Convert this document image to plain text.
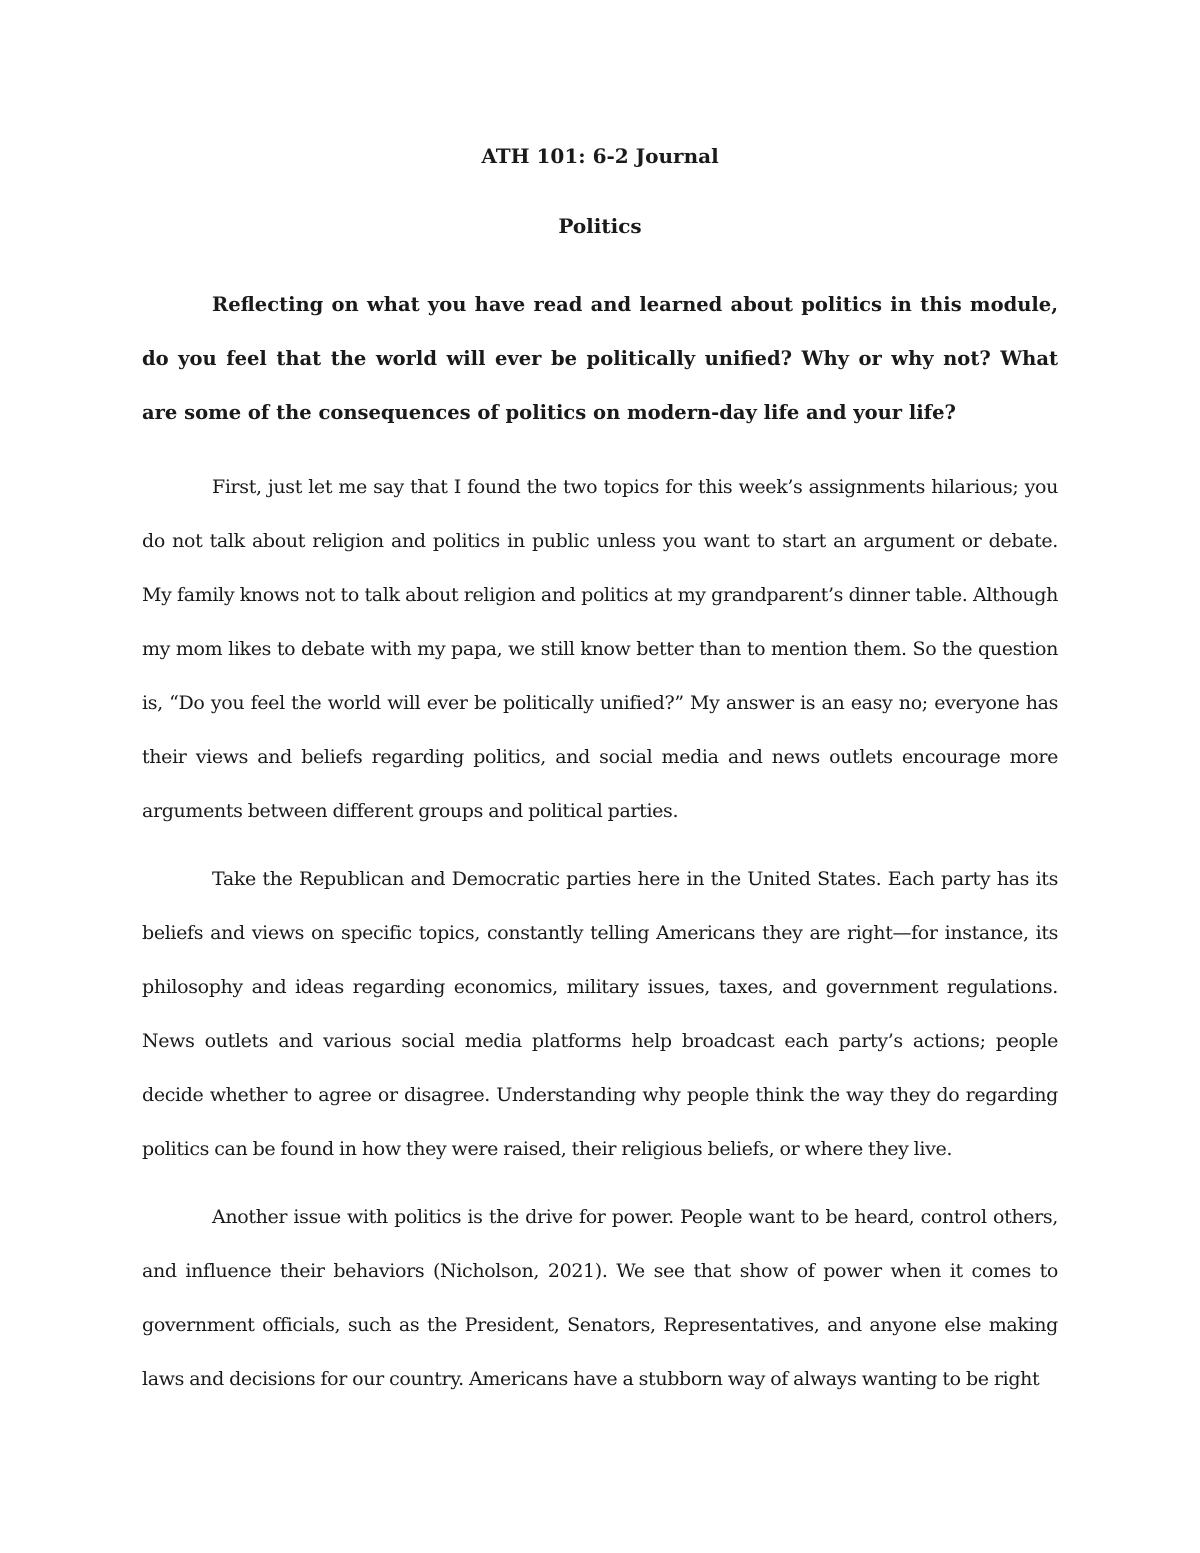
ATH 101: 6-2 Journal

Politics

Reflecting on what you have read and learned about politics in this module, do you feel that the world will ever be politically unified? Why or why not? What are some of the consequences of politics on modern-day life and your life?

First, just let me say that I found the two topics for this week’s assignments hilarious; you do not talk about religion and politics in public unless you want to start an argument or debate. My family knows not to talk about religion and politics at my grandparent’s dinner table. Although my mom likes to debate with my papa, we still know better than to mention them. So the question is, “Do you feel the world will ever be politically unified?” My answer is an easy no; everyone has their views and beliefs regarding politics, and social media and news outlets encourage more arguments between different groups and political parties.

Take the Republican and Democratic parties here in the United States. Each party has its beliefs and views on specific topics, constantly telling Americans they are right—for instance, its philosophy and ideas regarding economics, military issues, taxes, and government regulations. News outlets and various social media platforms help broadcast each party’s actions; people decide whether to agree or disagree. Understanding why people think the way they do regarding politics can be found in how they were raised, their religious beliefs, or where they live.

Another issue with politics is the drive for power. People want to be heard, control others, and influence their behaviors (Nicholson, 2021). We see that show of power when it comes to government officials, such as the President, Senators, Representatives, and anyone else making laws and decisions for our country. Americans have a stubborn way of always wanting to be right
